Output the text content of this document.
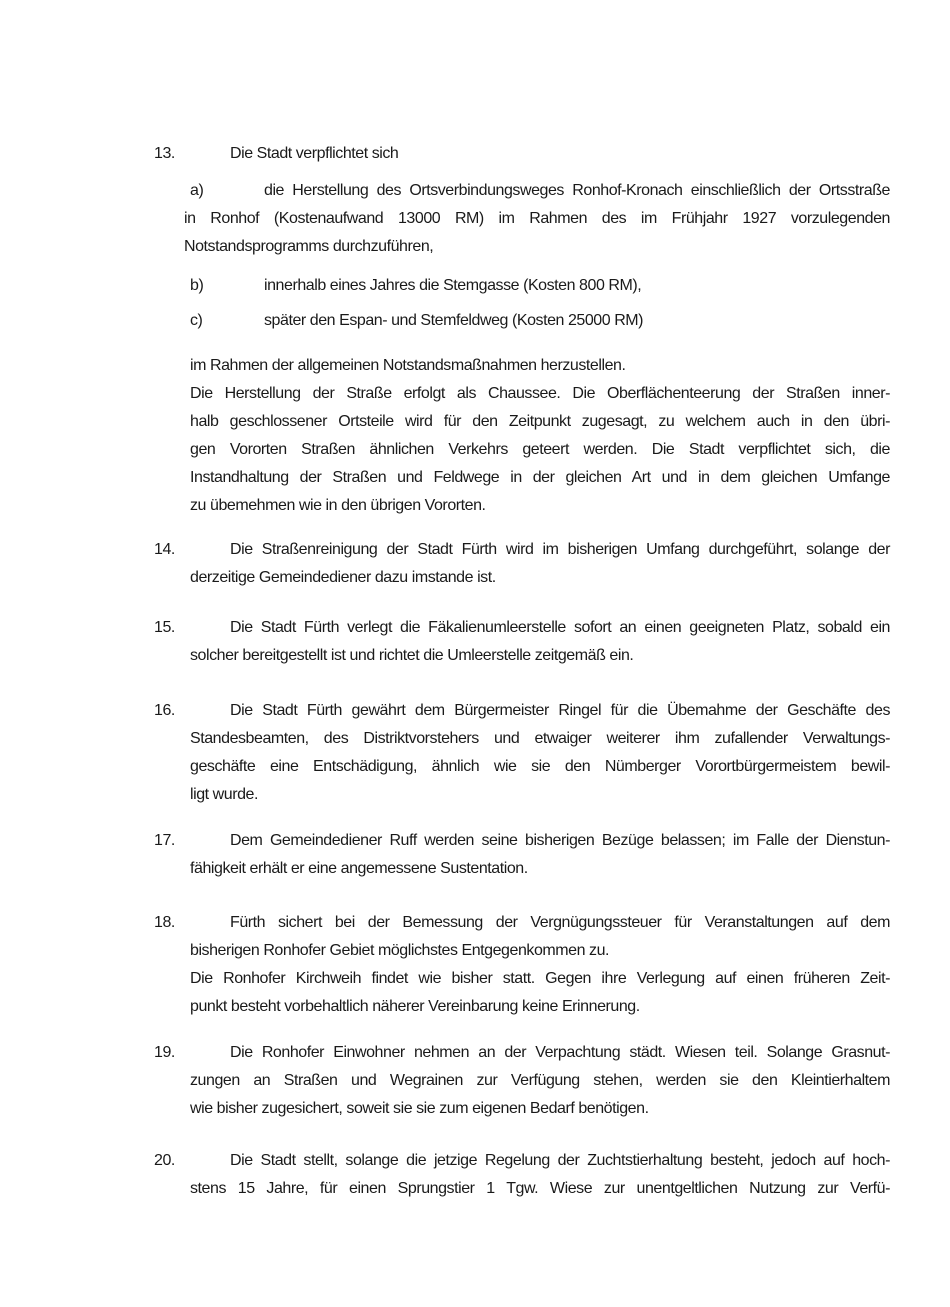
13.	Die Stadt verpflichtet sich
a)	die Herstellung des Ortsverbindungsweges Ronhof-Kronach einschließlich der Ortsstraße
in Ronhof (Kostenaufwand 13000 RM) im Rahmen des im Frühjahr 1927 vorzulegenden
Notstandsprogramms durchzuführen,
b)	innerhalb eines Jahres die Stemgasse (Kosten 800 RM),
c)	später den Espan- und Stemfeldweg (Kosten 25000 RM)
im Rahmen der allgemeinen Notstandsmaßnahmen herzustellen.
Die Herstellung der Straße erfolgt als Chaussee. Die Oberflächenteerung der Straßen inner-
halb geschlossener Ortsteile wird für den Zeitpunkt zugesagt, zu welchem auch in den übri-
gen Vororten Straßen ähnlichen Verkehrs geteert werden. Die Stadt verpflichtet sich, die
Instandhaltung der Straßen und Feldwege in der gleichen Art und in dem gleichen Umfange
zu übemehmen wie in den übrigen Vororten.
14.	Die Straßenreinigung der Stadt Fürth wird im bisherigen Umfang durchgeführt, solange der
derzeitige Gemeindediener dazu imstande ist.
15.	Die Stadt Fürth verlegt die Fäkalienumleerstelle sofort an einen geeigneten Platz, sobald ein
solcher bereitgestellt ist und richtet die Umleerstelle zeitgemäß ein.
16.	Die Stadt Fürth gewährt dem Bürgermeister Ringel für die Übemahme der Geschäfte des
Standesbeamten, des Distriktvorstehers und etwaiger weiterer ihm zufallender Verwaltungs-
geschäfte eine Entschädigung, ähnlich wie sie den Nümberger Vorortbürgermeistem bewil-
ligt wurde.
17.	Dem Gemeindediener Ruff werden seine bisherigen Bezüge belassen; im Falle der Dienstun-
fähigkeit erhält er eine angemessene Sustentation.
18.	Fürth sichert bei der Bemessung der Vergnügungssteuer für Veranstaltungen auf dem
bisherigen Ronhofer Gebiet möglichstes Entgegenkommen zu.
Die Ronhofer Kirchweih findet wie bisher statt. Gegen ihre Verlegung auf einen früheren Zeit-
punkt besteht vorbehaltlich näherer Vereinbarung keine Erinnerung.
19.	Die Ronhofer Einwohner nehmen an der Verpachtung städt. Wiesen teil. Solange Grasnut-
zungen an Straßen und Wegrainen zur Verfügung stehen, werden sie den Kleintierhaltem
wie bisher zugesichert, soweit sie sie zum eigenen Bedarf benötigen.
20.	Die Stadt stellt, solange die jetzige Regelung der Zuchtstierhaltung besteht, jedoch auf hoch-
stens 15 Jahre, für einen Sprungstier 1 Tgw. Wiese zur unentgeltlichen Nutzung zur Verfü-
